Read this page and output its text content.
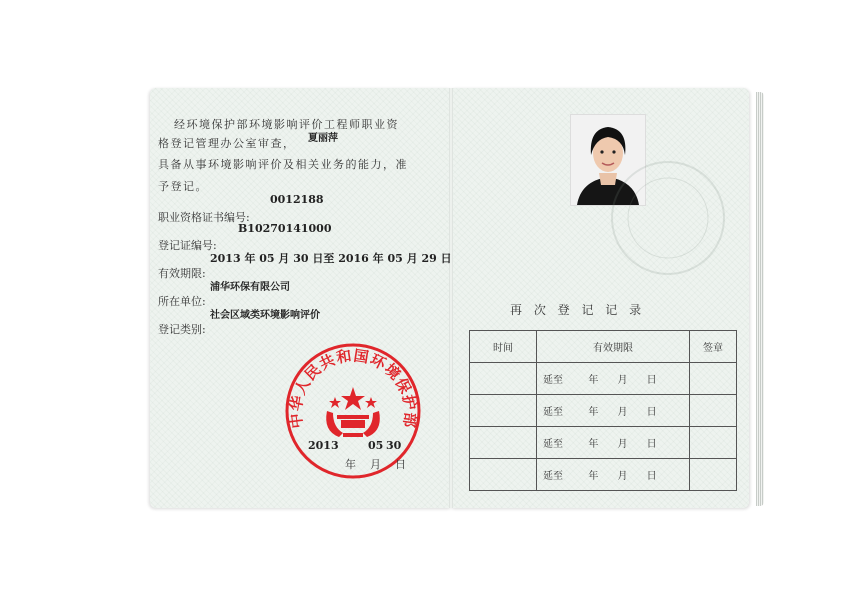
经环境保护部环境影响评价工程师职业资
格登记管理办公室审查， 夏丽萍
具备从事环境影响评价及相关业务的能力，准
予登记。
0012188
职业资格证书编号:
B10270141000
登记证编号:
2013 年 05 月 30 日至 2016 年 05 月 29 日
有效期限:
浦华环保有限公司
所在单位:
社会区域类环境影响评价
登记类别:
中华人民共和国环境保护部
2013	05 30
年    月    日
再 次 登 记 记 录
时间	有效期限	签章
	延至        年      月      日	
	延至        年      月      日	
	延至        年      月      日	
	延至        年      月      日	
